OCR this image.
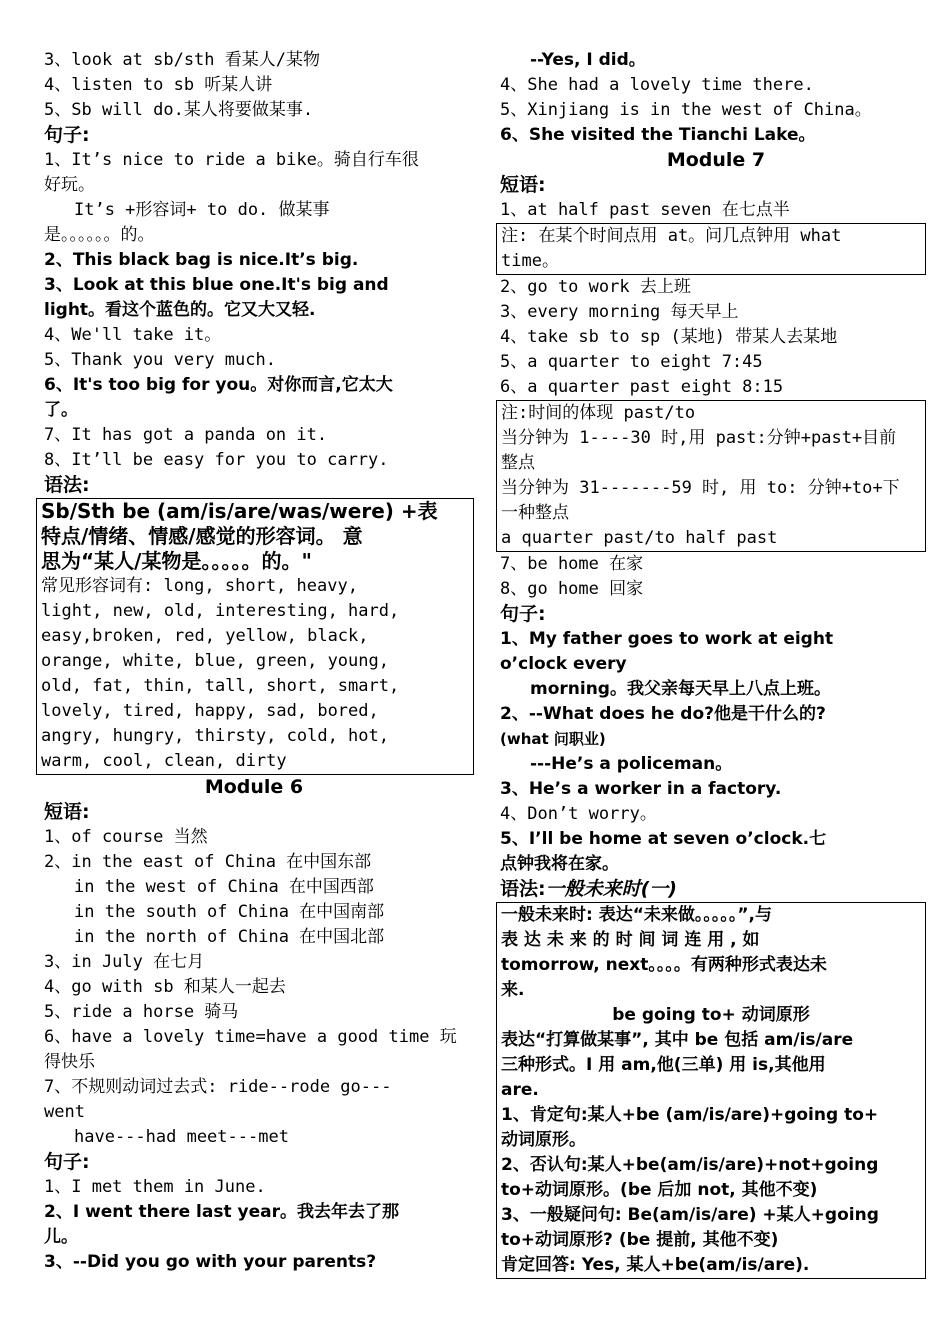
3、look at sb/sth 看某人/某物
4、listen to sb 听某人讲
5、Sb will do.某人将要做某事.
句子:
1、It’s nice to ride a bike。骑自行车很
好玩。
It’s +形容词+ to do. 做某事
是。。。。。。的。
2、This black bag is nice.It’s big.
3、Look at this blue one.It's big and
light。看这个蓝色的。它又大又轻.
4、We'll take it。
5、Thank you very much.
6、It's too big for you。对你而言,它太大
了。
7、It has got a panda on it.
8、It’ll be easy for you to carry.
语法:
Sb/Sth be (am/is/are/was/were) +表
特点/情绪、情感/感觉的形容词。 意
思为“某人/某物是。。。。。的。"
常见形容词有: long, short, heavy,
light, new, old, interesting, hard,
easy,broken, red, yellow, black,
orange, white, blue, green, young,
old, fat, thin, tall, short, smart,
lovely, tired, happy, sad, bored,
angry, hungry, thirsty, cold, hot,
warm, cool, clean, dirty
Module 6
短语:
1、of course 当然
2、in the east of China 在中国东部
in the west of China 在中国西部
in the south of China 在中国南部
in the north of China 在中国北部
3、in July 在七月
4、go with sb 和某人一起去
5、ride a horse 骑马
6、have a lovely time=have a good time 玩
得快乐
7、不规则动词过去式: ride--rode go---
went
have---had meet---met
句子:
1、I met them in June.
2、I went there last year。我去年去了那
儿。
3、--Did you go with your parents?
--Yes, I did。
4、She had a lovely time there.
5、Xinjiang is in the west of China。
6、She visited the Tianchi Lake。
Module 7
短语:
1、at half past seven 在七点半
注: 在某个时间点用 at。问几点钟用 what
time。
2、go to work 去上班
3、every morning 每天早上
4、take sb to sp (某地) 带某人去某地
5、a quarter to eight 7:45
6、a quarter past eight 8:15
注:时间的体现 past/to
当分钟为 1----30 时,用 past:分钟+past+目前
整点
当分钟为 31-------59 时, 用 to: 分钟+to+下
一种整点
a quarter past/to half past
7、be home 在家
8、go home 回家
句子:
1、My father goes to work at eight
o’clock every
morning。我父亲每天早上八点上班。
2、--What does he do?他是干什么的?
(what 问职业)
---He’s a policeman。
3、He’s a worker in a factory.
4、Don’t worry。
5、I’ll be home at seven o’clock.七
点钟我将在家。
语法:一般未来时(一)
一般未来时: 表达“未来做。。。。。”,与
表 达 未 来 的 时 间 词 连 用 , 如
tomorrow, next。。。。有两种形式表达未
来.
be going to+ 动词原形
表达“打算做某事”, 其中 be 包括 am/is/are
三种形式。I 用 am,他(三单) 用 is,其他用
are.
1、肯定句:某人+be (am/is/are)+going to+
动词原形。
2、否认句:某人+be(am/is/are)+not+going
to+动词原形。(be 后加 not, 其他不变)
3、一般疑问句: Be(am/is/are) +某人+going
to+动词原形? (be 提前, 其他不变)
肯定回答: Yes, 某人+be(am/is/are).
